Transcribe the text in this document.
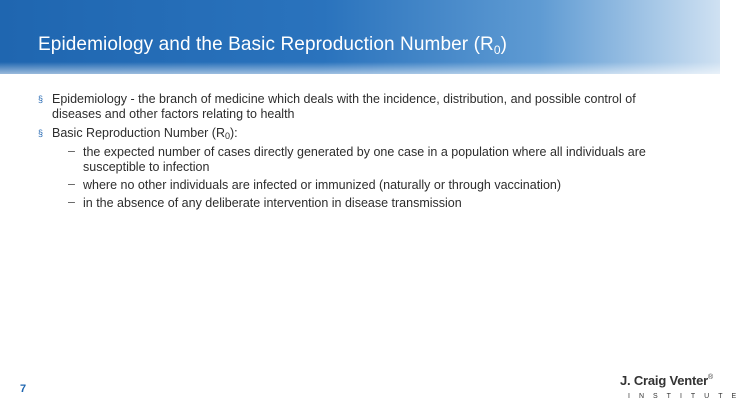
Epidemiology and the Basic Reproduction Number $(R_0)$
§ Epidemiology - the branch of medicine which deals with the incidence, distribution, and possible control of diseases and other factors relating to health
§ Basic Reproduction Number $(R_0)$:
– the expected number of cases directly generated by one case in a population where all individuals are susceptible to infection
– where no other individuals are infected or immunized (naturally or through vaccination)
– in the absence of any deliberate intervention in disease transmission
7
J. Craig Venter®
INSTITUTE
